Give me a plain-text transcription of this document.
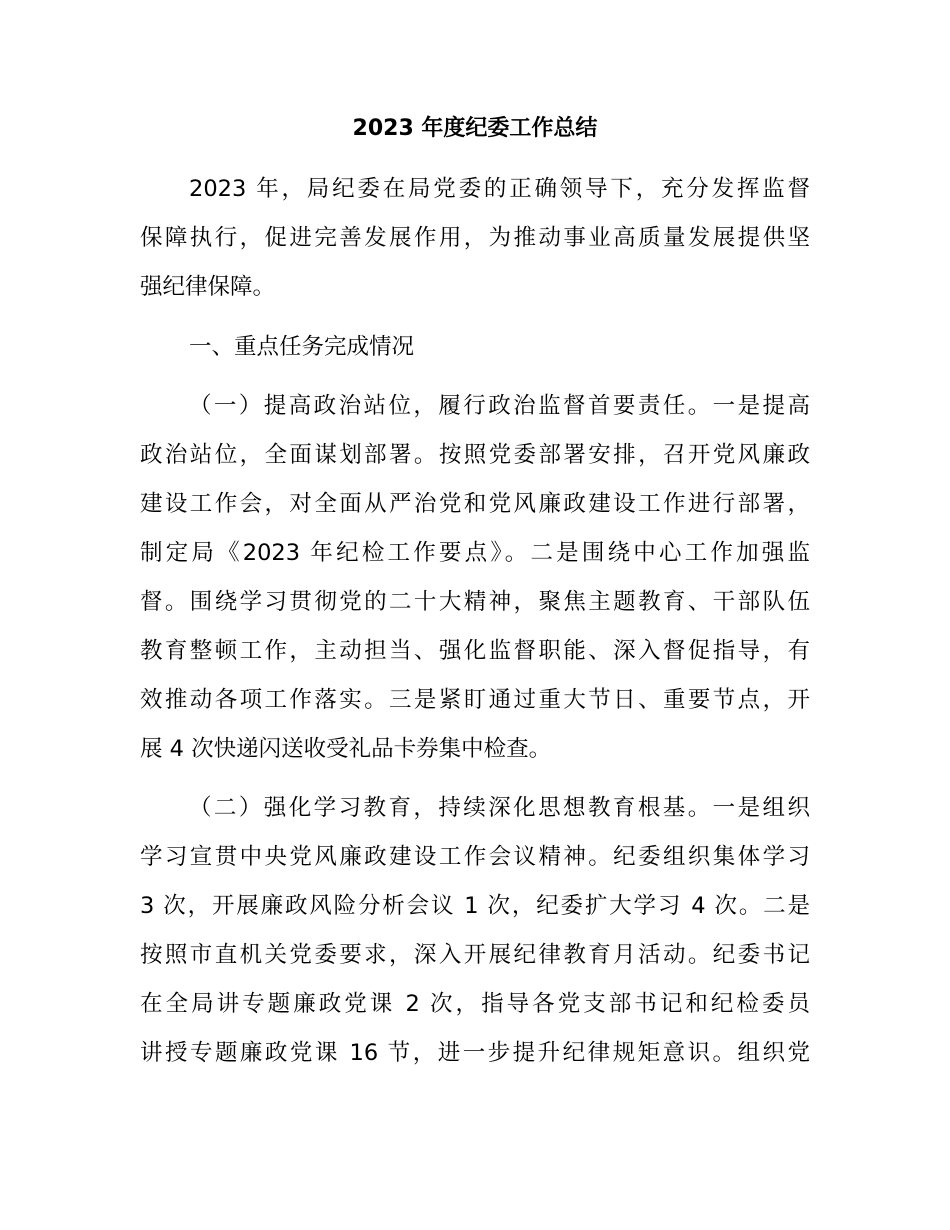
2023 年度纪委工作总结

2023 年，局纪委在局党委的正确领导下，充分发挥监督

保障执行，促进完善发展作用，为推动事业高质量发展提供坚

强纪律保障。

一、重点任务完成情况

（一）提高政治站位，履行政治监督首要责任。一是提高

政治站位，全面谋划部署。按照党委部署安排，召开党风廉政

建设工作会，对全面从严治党和党风廉政建设工作进行部署，

制定局《2023 年纪检工作要点》。二是围绕中心工作加强监

督。围绕学习贯彻党的二十大精神，聚焦主题教育、干部队伍

教育整顿工作，主动担当、强化监督职能、深入督促指导，有

效推动各项工作落实。三是紧盯通过重大节日、重要节点，开

展 4 次快递闪送收受礼品卡券集中检查。

（二）强化学习教育，持续深化思想教育根基。一是组织

学习宣贯中央党风廉政建设工作会议精神。纪委组织集体学习

3 次，开展廉政风险分析会议 1 次，纪委扩大学习 4 次。二是

按照市直机关党委要求，深入开展纪律教育月活动。纪委书记

在全局讲专题廉政党课 2 次，指导各党支部书记和纪检委员

讲授专题廉政党课 16 节，进一步提升纪律规矩意识。组织党
